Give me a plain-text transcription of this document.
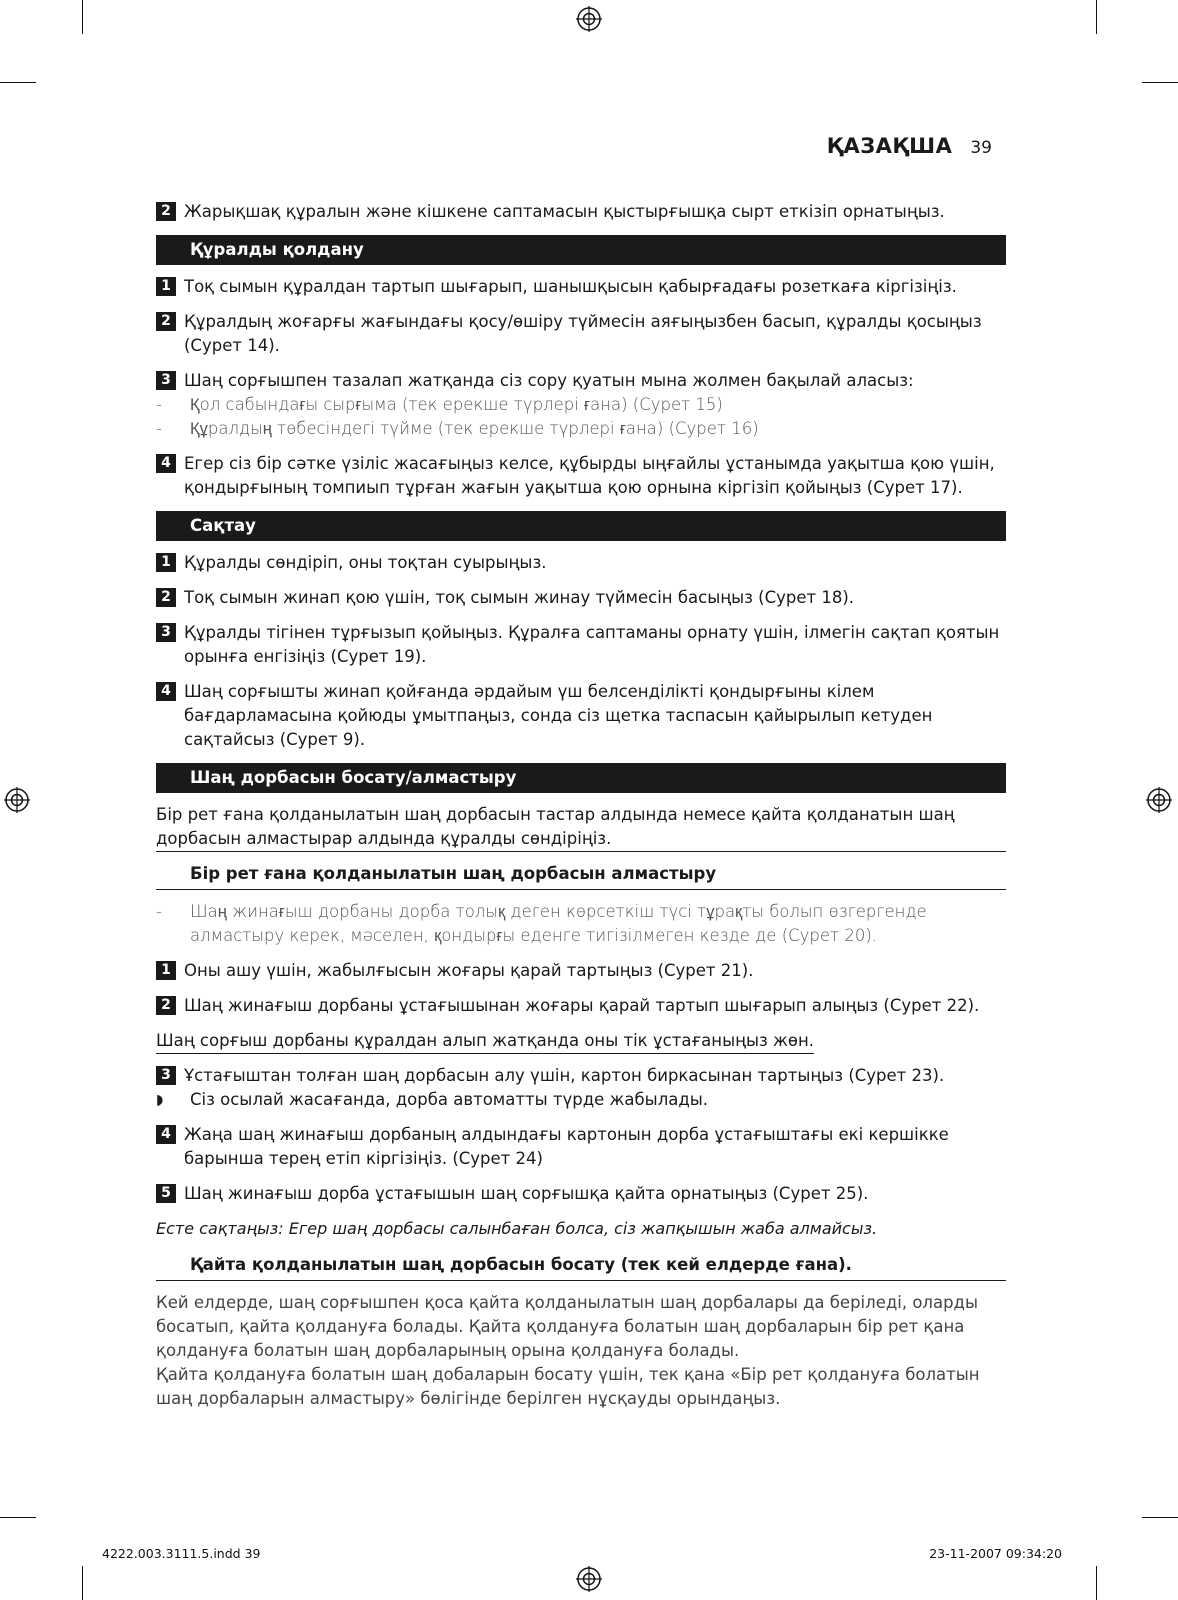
ҚАЗАҚША 39
2 Жарықшақ құралын және кішкене саптамасын қыстырғышқа сырт еткізіп орнатыңыз.
Құралды қолдану
1 Тоқ сымын құралдан тартып шығарып, шанышқысын қабырғадағы розеткаға кіргізіңіз.
2 Құралдың жоғарғы жағындағы қосу/өшіру түймесін аяғыңызбен басып, құралды қосыңыз (Сурет 14).
3 Шаң сорғышпен тазалап жатқанда сіз сору қуатын мына жолмен бақылай аласыз:
-	Қол сабындағы сырғыма (тек ерекше түрлері ғана) (Сурет 15)
-	Құралдың төбесіндегі түйме (тек ерекше түрлері ғана) (Сурет 16)
4 Егер сіз бір сәтке үзіліс жасағыңыз келсе, құбырды ыңғайлы ұстанымда уақытша қою үшін, қондырғының томпиып тұрған жағын уақытша қою орнына кіргізіп қойыңыз (Сурет 17).
Сақтау
1 Құралды сөндіріп, оны тоқтан суырыңыз.
2 Тоқ сымын жинап қою үшін, тоқ сымын жинау түймесін басыңыз (Сурет 18).
3 Құралды тігінен тұрғызып қойыңыз. Құралға саптаманы орнату үшін, ілмегін сақтап қоятын орынға енгізіңіз (Сурет 19).
4 Шаң сорғышты жинап қойғанда әрдайым үш белсенділікті қондырғыны кілем бағдарламасына қойюды ұмытпаңыз, сонда сіз щетка таспасын қайырылып кетуден сақтайсыз (Сурет 9).
Шаң дорбасын босату/алмастыру
Бір рет ғана қолданылатын шаң дорбасын тастар алдында немесе қайта қолданатын шаң дорбасын алмастырар алдында құралды сөндіріңіз.
Бір рет ғана қолданылатын шаң дорбасын алмастыру
-	Шаң жинағыш дорбаны дорба толық деген көрсеткіш түсі тұрақты болып өзгергенде алмастыру керек, мәселен, қондырғы еденге тигізілмеген кезде де (Сурет 20).
1 Оны ашу үшін, жабылғысын жоғары қарай тартыңыз (Сурет 21).
2 Шаң жинағыш дорбаны ұстағышынан жоғары қарай тартып шығарып алыңыз (Сурет 22).
Шаң сорғыш дорбаны құралдан алып жатқанда оны тік ұстағаныңыз жөн.
3 Ұстағыштан толған шаң дорбасын алу үшін, картон биркасынан тартыңыз (Сурет 23).
◗	Сіз осылай жасағанда, дорба автоматты түрде жабылады.
4 Жаңа шаң жинағыш дорбаның алдындағы картонын дорба ұстағыштағы екі кершікке барынша терең етіп кіргізіңіз. (Сурет 24)
5 Шаң жинағыш дорба ұстағышын шаң сорғышқа қайта орнатыңыз (Сурет 25).
Есте сақтаңыз: Егер шаң дорбасы салынбаған болса, сіз жапқышын жаба алмайсыз.
Қайта қолданылатын шаң дорбасын босату (тек кей елдерде ғана).
Кей елдерде, шаң сорғышпен қоса қайта қолданылатын шаң дорбалары да беріледі, оларды босатып, қайта қолдануға болады. Қайта қолдануға болатын шаң дорбаларын бір рет қана қолдануға болатын шаң дорбаларының орына қолдануға болады.
Қайта қолдануға болатын шаң добаларын босату үшін, тек қана «Бір рет қолдануға болатын шаң дорбаларын алмастыру» бөлігінде берілген нұсқауды орындаңыз.
4222.003.3111.5.indd 39	23-11-2007 09:34:20
